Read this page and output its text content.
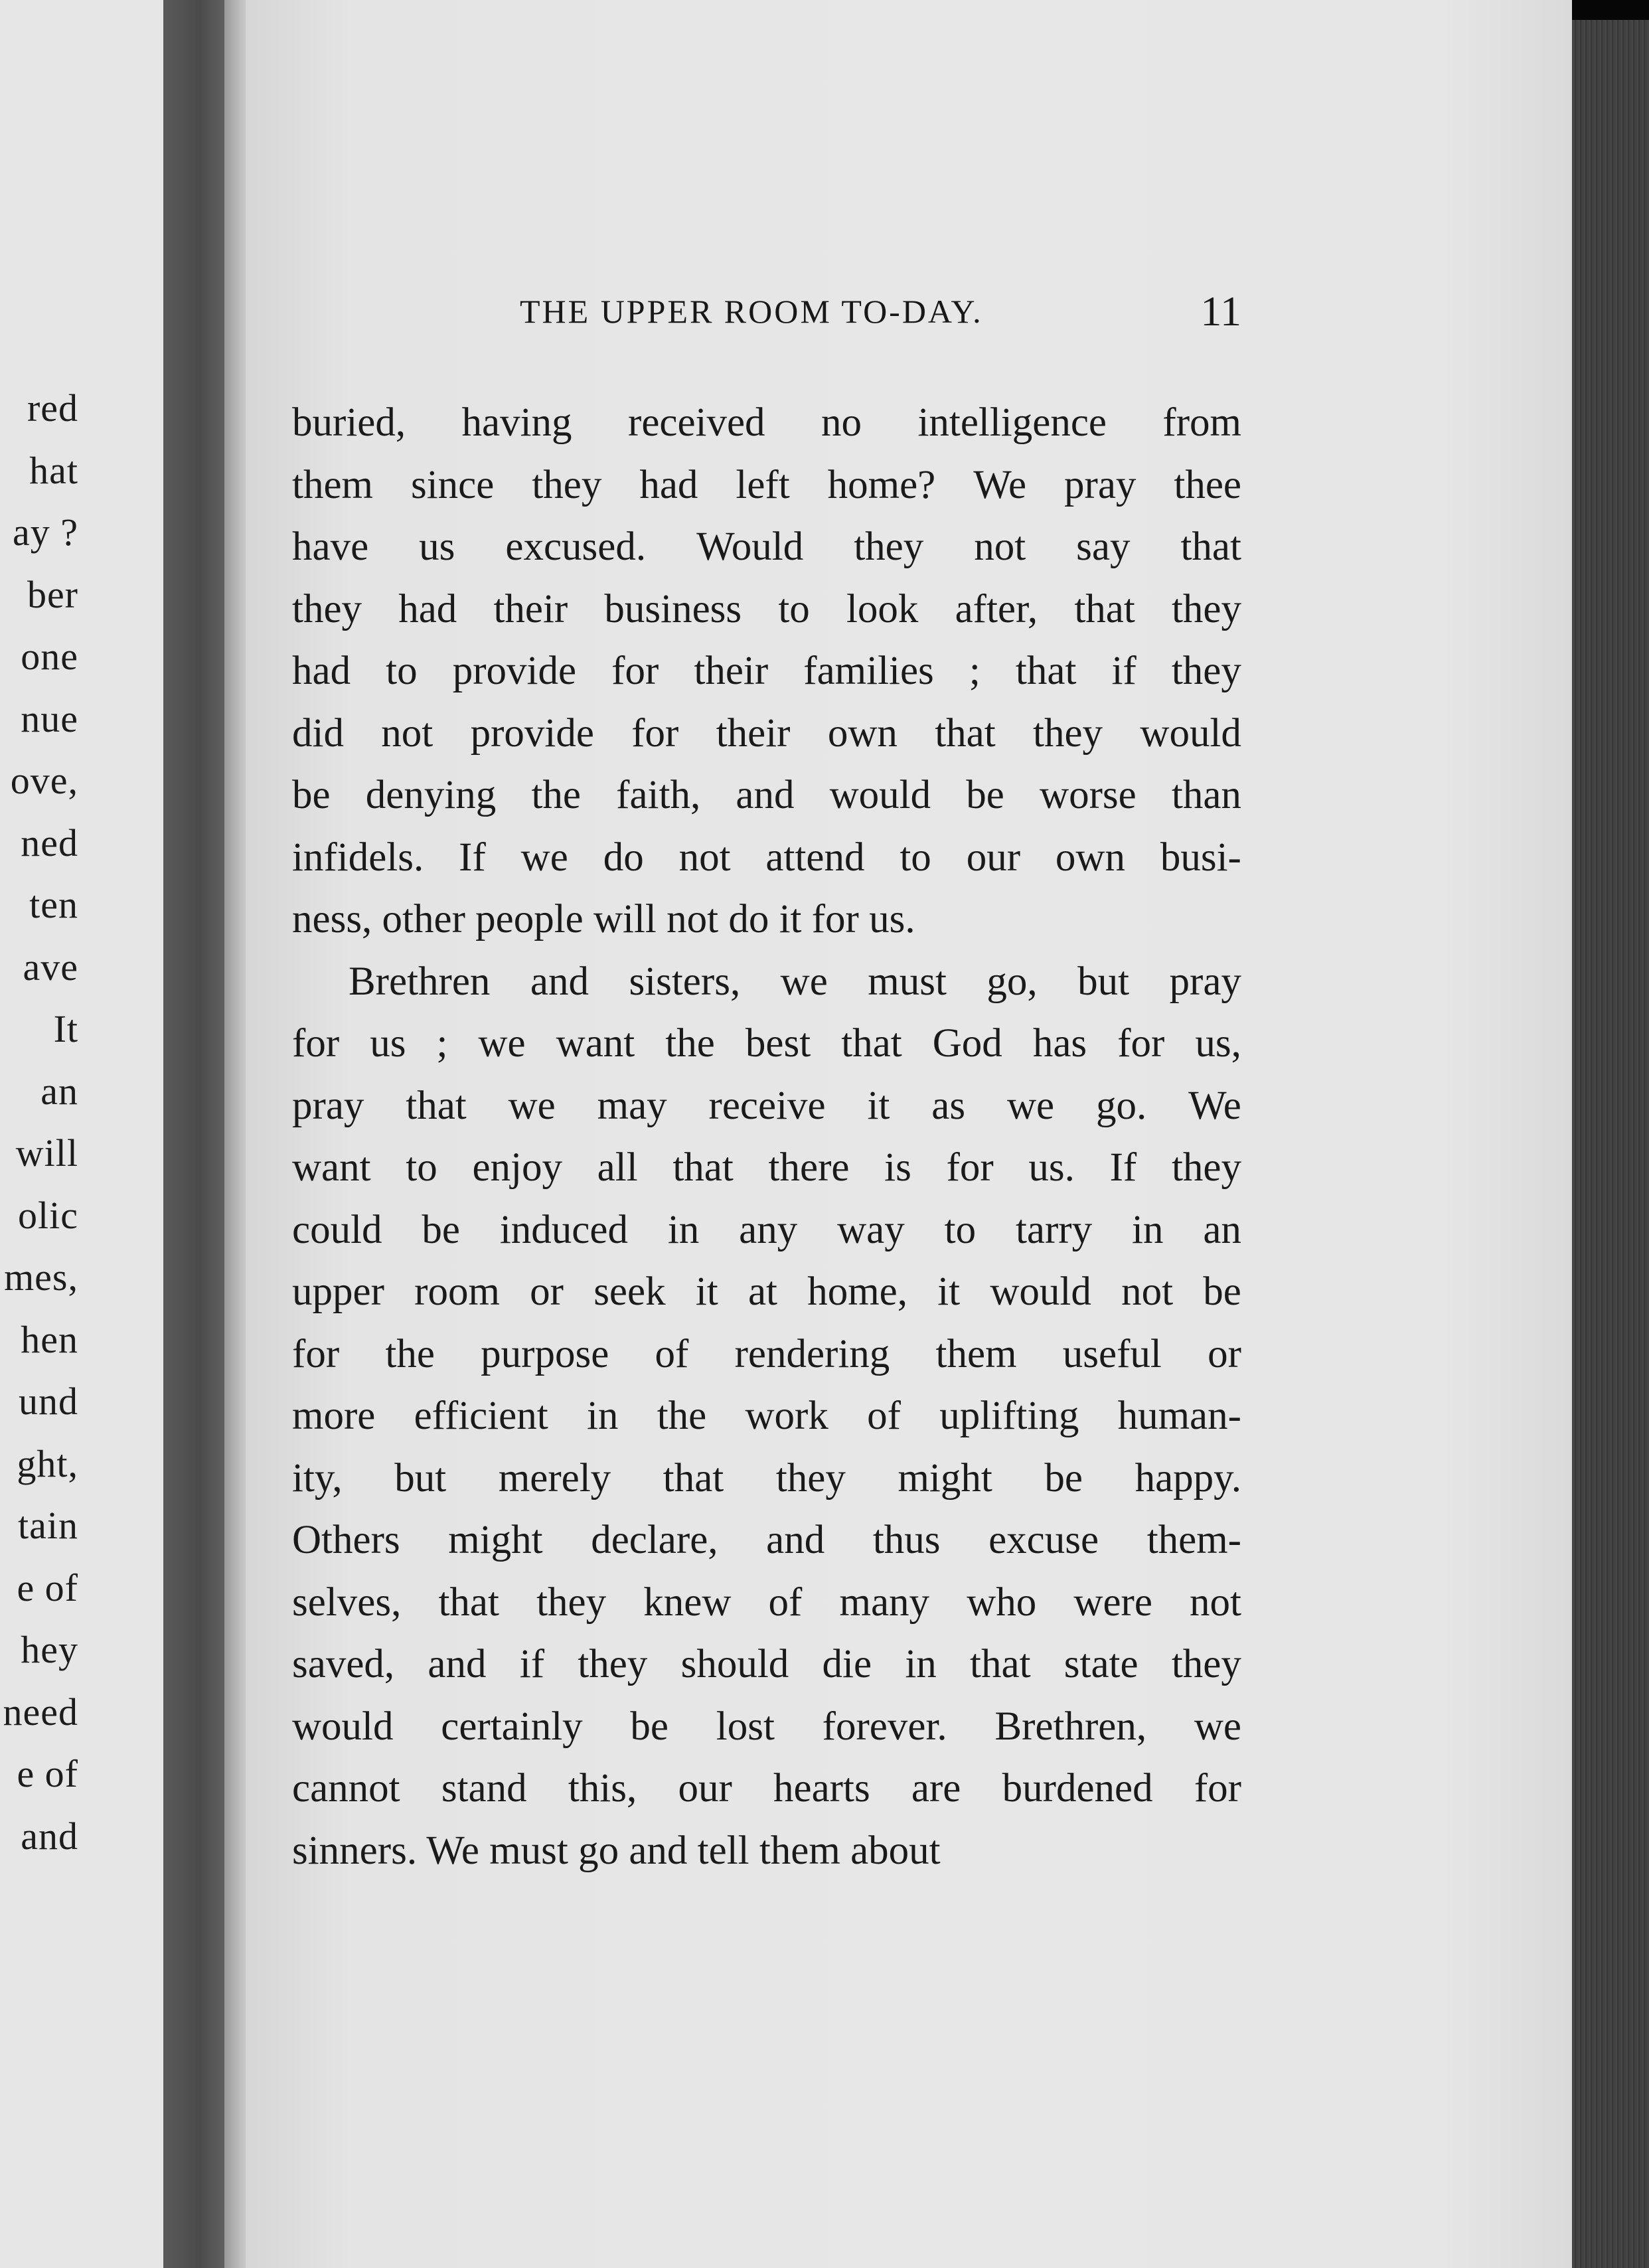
red
hat
ay ?
ber
one
nue
ove,
ned
ten
ave
It
an
will
olic
mes,
hen
und
ght,
tain
e of
hey
need
e of
and
THE UPPER ROOM TO-DAY.	11
buried, having received no intelligence from
them since they had left home? We pray thee
have us excused. Would they not say that
they had their business to look after, that they
had to provide for their families ; that if they
did not provide for their own that they would
be denying the faith, and would be worse than
infidels. If we do not attend to our own busi-
ness, other people will not do it for us.
Brethren and sisters, we must go, but pray
for us ; we want the best that God has for us,
pray that we may receive it as we go. We
want to enjoy all that there is for us. If they
could be induced in any way to tarry in an
upper room or seek it at home, it would not be
for the purpose of rendering them useful or
more efficient in the work of uplifting human-
ity, but merely that they might be happy.
Others might declare, and thus excuse them-
selves, that they knew of many who were not
saved, and if they should die in that state they
would certainly be lost forever. Brethren, we
cannot stand this, our hearts are burdened for
sinners. We must go and tell them about
